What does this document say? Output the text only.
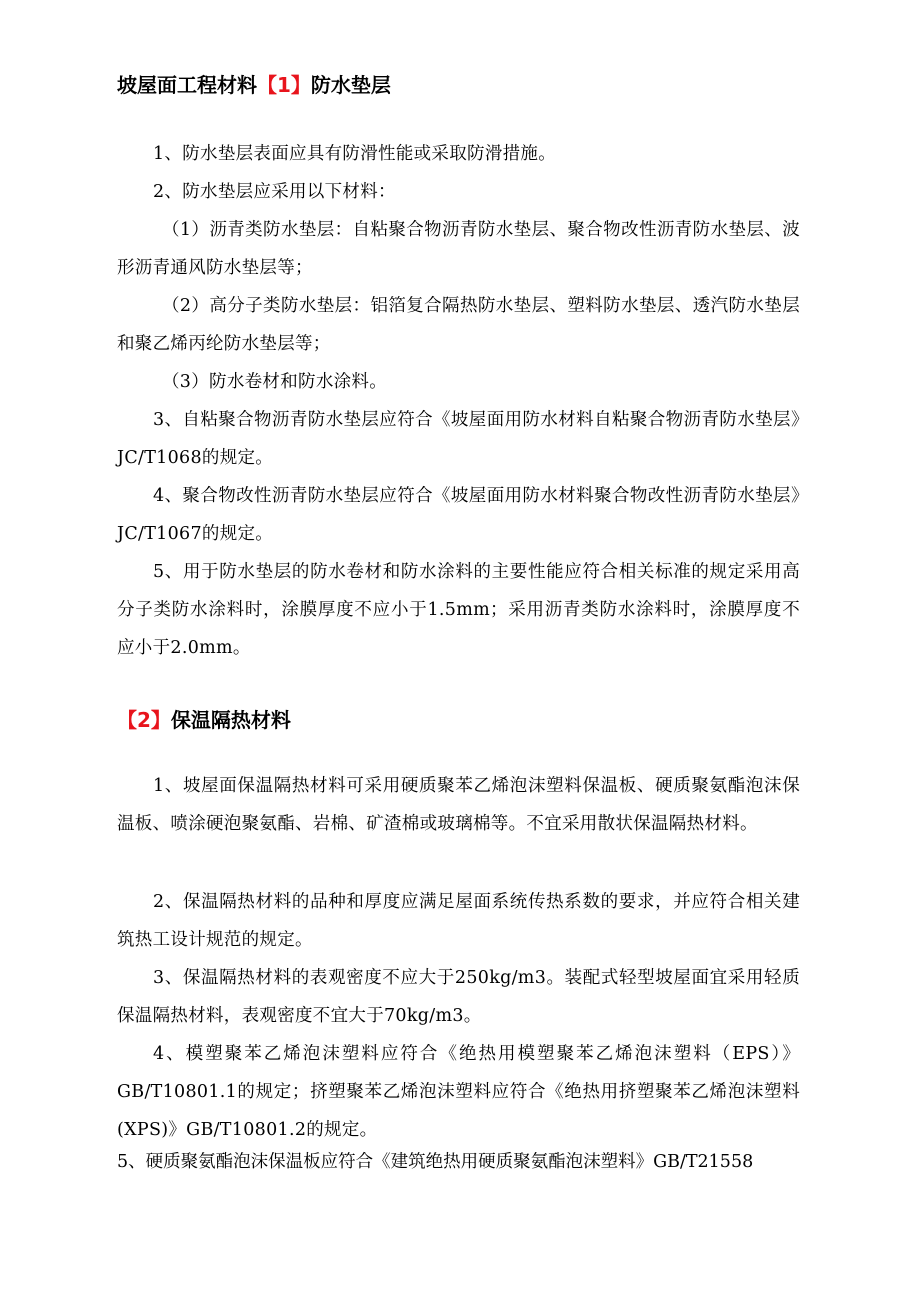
坡屋面工程材料【1】防水垫层

1、防水垫层表面应具有防滑性能或采取防滑措施。

2、防水垫层应采用以下材料：

（1）沥青类防水垫层：自粘聚合物沥青防水垫层、聚合物改性沥青防水垫层、波形沥青通风防水垫层等；

（2）高分子类防水垫层：铝箔复合隔热防水垫层、塑料防水垫层、透汽防水垫层和聚乙烯丙纶防水垫层等；

（3）防水卷材和防水涂料。

3、自粘聚合物沥青防水垫层应符合《坡屋面用防水材料自粘聚合物沥青防水垫层》JC/T1068的规定。

4、聚合物改性沥青防水垫层应符合《坡屋面用防水材料聚合物改性沥青防水垫层》JC/T1067的规定。

5、用于防水垫层的防水卷材和防水涂料的主要性能应符合相关标准的规定采用高分子类防水涂料时，涂膜厚度不应小于1.5mm；采用沥青类防水涂料时，涂膜厚度不应小于2.0mm。

【2】保温隔热材料

1、坡屋面保温隔热材料可采用硬质聚苯乙烯泡沫塑料保温板、硬质聚氨酯泡沫保温板、喷涂硬泡聚氨酯、岩棉、矿渣棉或玻璃棉等。不宜采用散状保温隔热材料。

2、保温隔热材料的品种和厚度应满足屋面系统传热系数的要求，并应符合相关建筑热工设计规范的规定。

3、保温隔热材料的表观密度不应大于250kg/m3。装配式轻型坡屋面宜采用轻质保温隔热材料，表观密度不宜大于70kg/m3。

4、模塑聚苯乙烯泡沫塑料应符合《绝热用模塑聚苯乙烯泡沫塑料（EPS）》GB/T10801.1的规定；挤塑聚苯乙烯泡沫塑料应符合《绝热用挤塑聚苯乙烯泡沫塑料(XPS)》GB/T10801.2的规定。

5、硬质聚氨酯泡沫保温板应符合《建筑绝热用硬质聚氨酯泡沫塑料》GB/T21558
